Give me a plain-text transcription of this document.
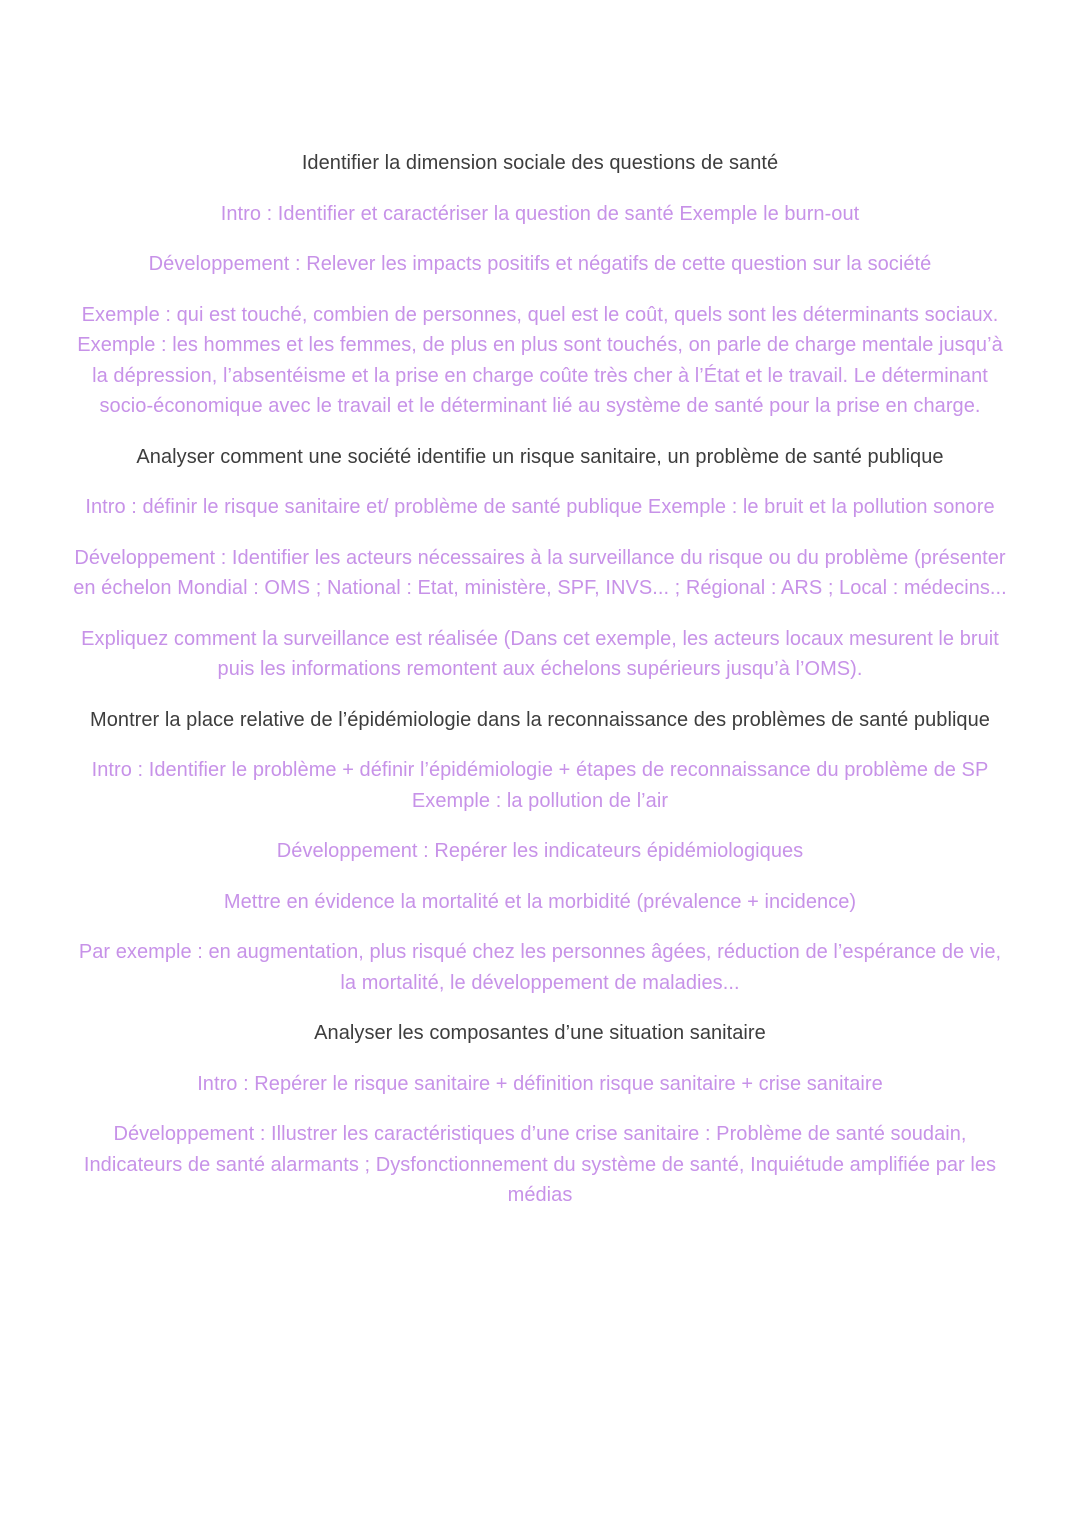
Identifier la dimension sociale des questions de santé

Intro : Identifier et caractériser la question de santé Exemple le burn-out

Développement : Relever les impacts positifs et négatifs de cette question sur la société

Exemple : qui est touché, combien de personnes, quel est le coût, quels sont les déterminants sociaux. Exemple : les hommes et les femmes, de plus en plus sont touchés, on parle de charge mentale jusqu’à la dépression, l’absentéisme et la prise en charge coûte très cher à l’État et le travail. Le déterminant socio-économique avec le travail et le déterminant lié au système de santé pour la prise en charge.

Analyser comment une société identifie un risque sanitaire, un problème de santé publique

Intro : définir le risque sanitaire et/ problème de santé publique Exemple : le bruit et la pollution sonore

Développement : Identifier les acteurs nécessaires à la surveillance du risque ou du problème (présenter en échelon Mondial : OMS ; National : Etat, ministère, SPF, INVS... ; Régional : ARS ; Local : médecins...

Expliquez comment la surveillance est réalisée (Dans cet exemple, les acteurs locaux mesurent le bruit puis les informations remontent aux échelons supérieurs jusqu’à l’OMS).

Montrer la place relative de l’épidémiologie dans la reconnaissance des problèmes de santé publique

Intro : Identifier le problème + définir l’épidémiologie + étapes de reconnaissance du problème de SP Exemple : la pollution de l’air

Développement : Repérer les indicateurs épidémiologiques

Mettre en évidence la mortalité et la morbidité (prévalence + incidence)

Par exemple : en augmentation, plus risqué chez les personnes âgées, réduction de l’espérance de vie, la mortalité, le développement de maladies...

Analyser les composantes d’une situation sanitaire

Intro : Repérer le risque sanitaire + définition risque sanitaire + crise sanitaire

Développement : Illustrer les caractéristiques d’une crise sanitaire : Problème de santé soudain, Indicateurs de santé alarmants ; Dysfonctionnement du système de santé, Inquiétude amplifiée par les médias
